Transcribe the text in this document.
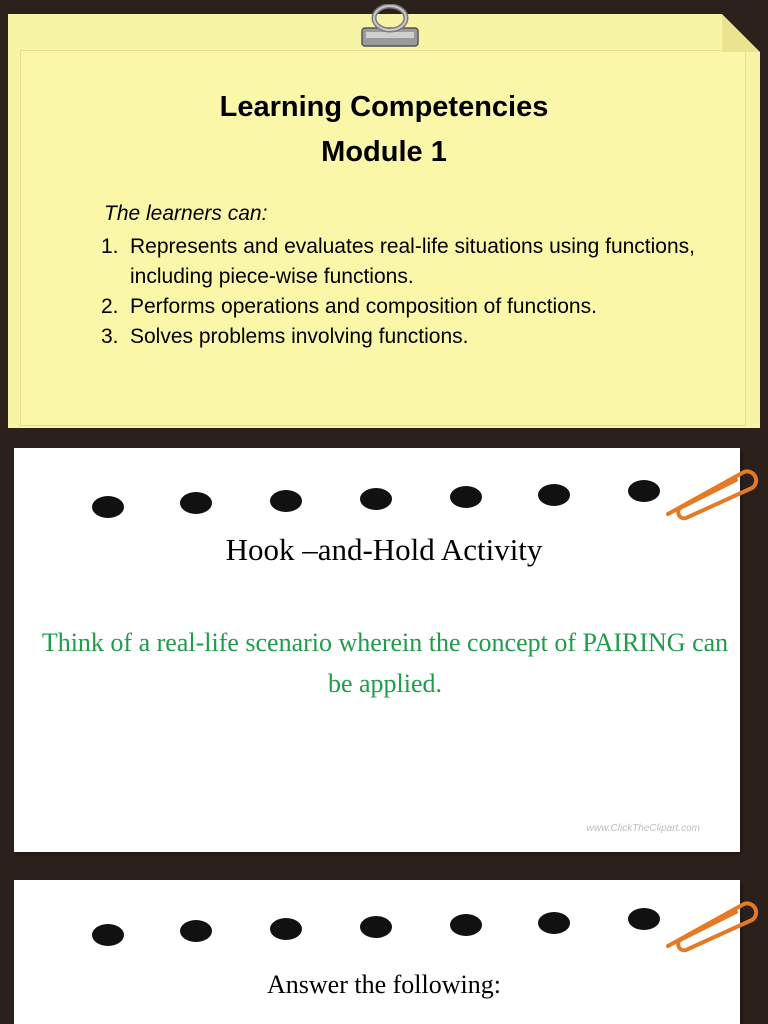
Learning Competencies
Module 1
The learners can:
1. Represents and evaluates real-life situations using functions, including piece-wise functions.
2. Performs operations and composition of functions.
3. Solves problems involving functions.
www.ClickTheClipart.com
Hook –and-Hold Activity
Think of a real-life scenario wherein the concept of PAIRING can be applied.
Answer the following:
